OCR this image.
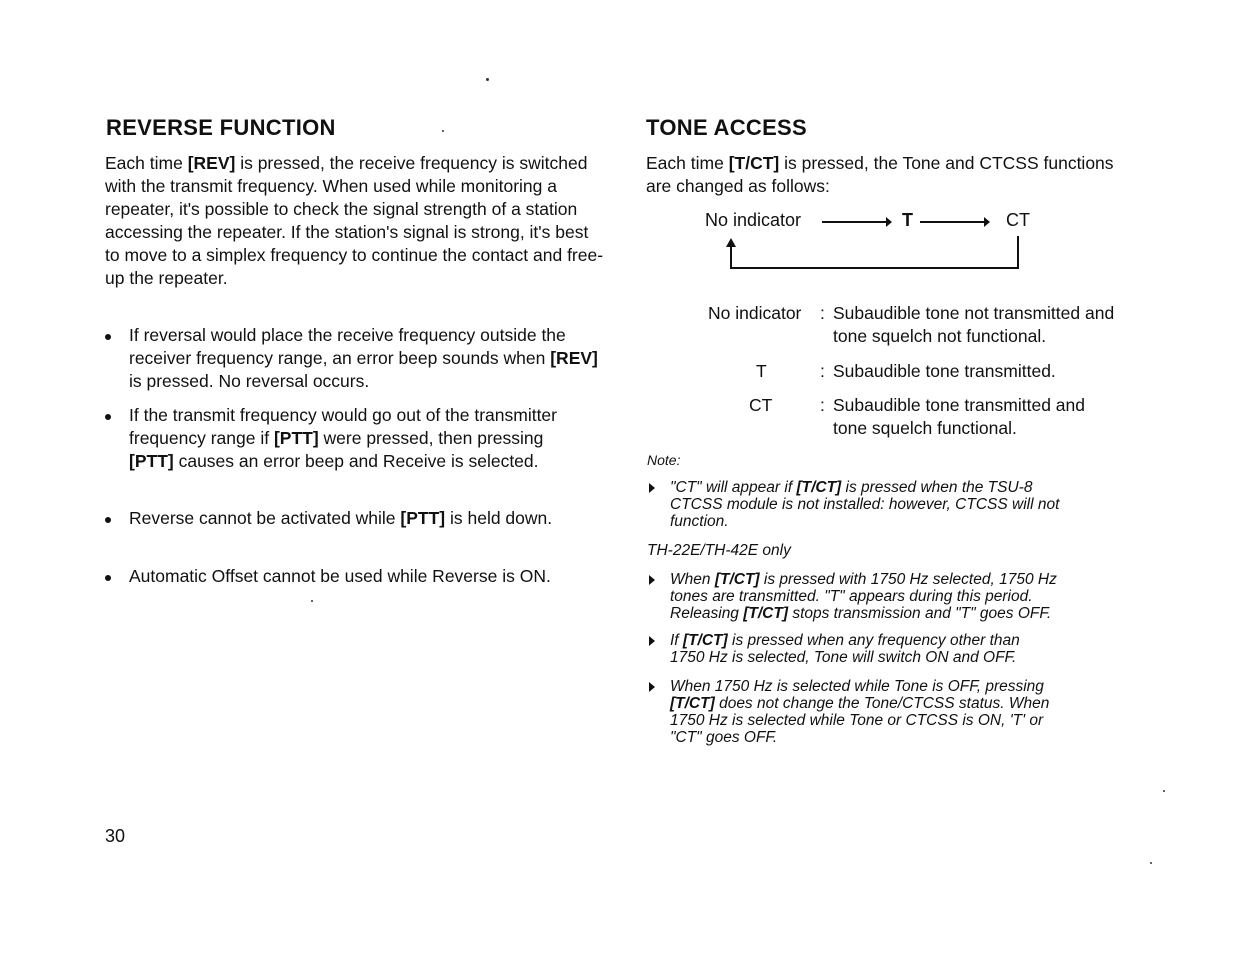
REVERSE FUNCTION

Each time [REV] is pressed, the receive frequency is switched with the transmit frequency. When used while monitoring a repeater, it's possible to check the signal strength of a station accessing the repeater. If the station's signal is strong, it's best to move to a simplex frequency to continue the contact and free-up the repeater.

If reversal would place the receive frequency outside the receiver frequency range, an error beep sounds when [REV] is pressed. No reversal occurs.
If the transmit frequency would go out of the transmitter frequency range if [PTT] were pressed, then pressing [PTT] causes an error beep and Receive is selected.
Reverse cannot be activated while [PTT] is held down.
Automatic Offset cannot be used while Reverse is ON.
30
TONE ACCESS

Each time [T/CT] is pressed, the Tone and CTCSS functions are changed as follows:

No indicator	T	CT
No indicator : Subaudible tone not transmitted and
tone squelch not functional.
T	: Subaudible tone transmitted.
CT	: Subaudible tone transmitted and
tone squelch functional.
Note:
"CT" will appear if [T/CT] is pressed when the TSU-8
CTCSS module is not installed: however, CTCSS will not
function.
TH-22E/TH-42E only
When [T/CT] is pressed with 1750 Hz selected, 1750 Hz
tones are transmitted. "T" appears during this period.
Releasing [T/CT] stops transmission and "T" goes OFF.
If [T/CT] is pressed when any frequency other than
1750 Hz is selected, Tone will switch ON and OFF.
When 1750 Hz is selected while Tone is OFF, pressing
[T/CT] does not change the Tone/CTCSS status. When
1750 Hz is selected while Tone or CTCSS is ON, 'T' or
"CT" goes OFF.
